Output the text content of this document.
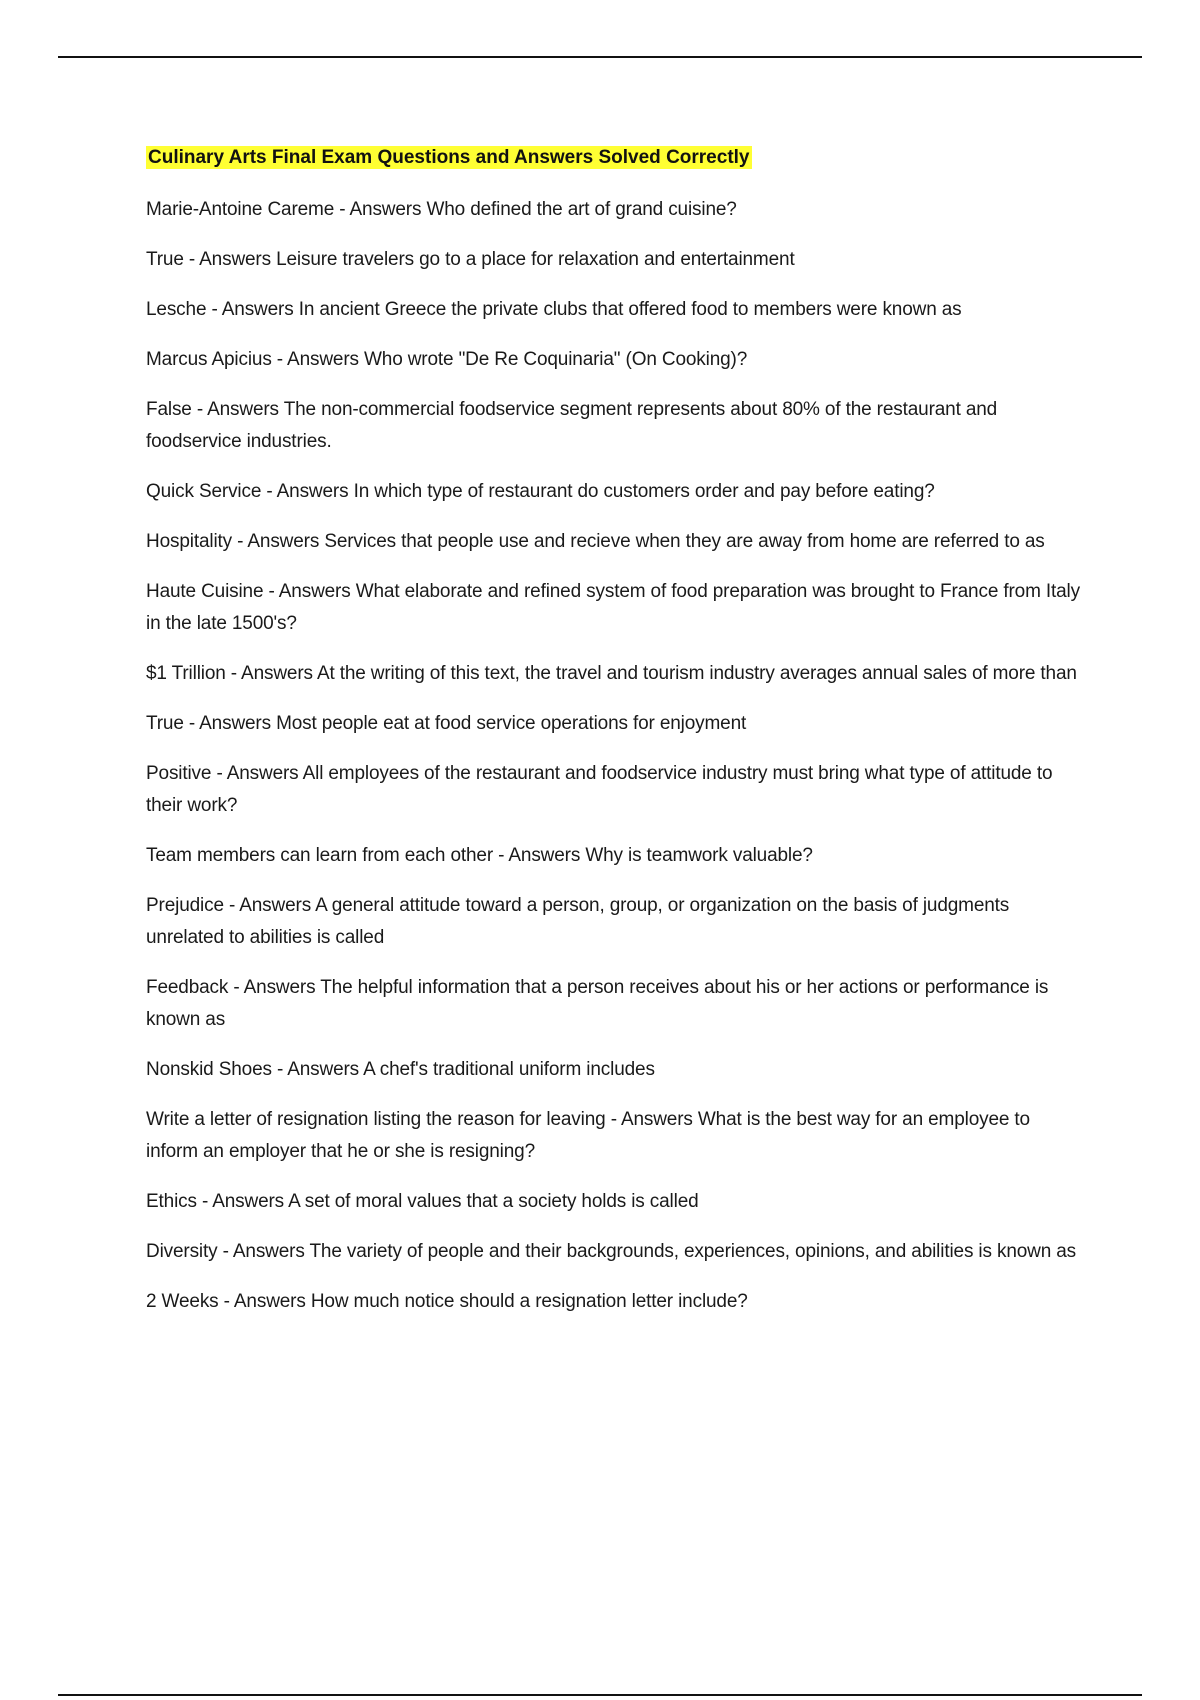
Culinary Arts Final Exam Questions and Answers Solved Correctly
Marie-Antoine Careme - Answers Who defined the art of grand cuisine?
True - Answers Leisure travelers go to a place for relaxation and entertainment
Lesche - Answers In ancient Greece the private clubs that offered food to members were known as
Marcus Apicius - Answers Who wrote "De Re Coquinaria" (On Cooking)?
False - Answers The non-commercial foodservice segment represents about 80% of the restaurant and foodservice industries.
Quick Service - Answers In which type of restaurant do customers order and pay before eating?
Hospitality - Answers Services that people use and recieve when they are away from home are referred to as
Haute Cuisine - Answers What elaborate and refined system of food preparation was brought to France from Italy in the late 1500's?
$1 Trillion - Answers At the writing of this text, the travel and tourism industry averages annual sales of more than
True - Answers Most people eat at food service operations for enjoyment
Positive - Answers All employees of the restaurant and foodservice industry must bring what type of attitude to their work?
Team members can learn from each other - Answers Why is teamwork valuable?
Prejudice - Answers A general attitude toward a person, group, or organization on the basis of judgments unrelated to abilities is called
Feedback - Answers The helpful information that a person receives about his or her actions or performance is known as
Nonskid Shoes - Answers A chef's traditional uniform includes
Write a letter of resignation listing the reason for leaving - Answers What is the best way for an employee to inform an employer that he or she is resigning?
Ethics - Answers A set of moral values that a society holds is called
Diversity - Answers The variety of people and their backgrounds, experiences, opinions, and abilities is known as
2 Weeks - Answers How much notice should a resignation letter include?
